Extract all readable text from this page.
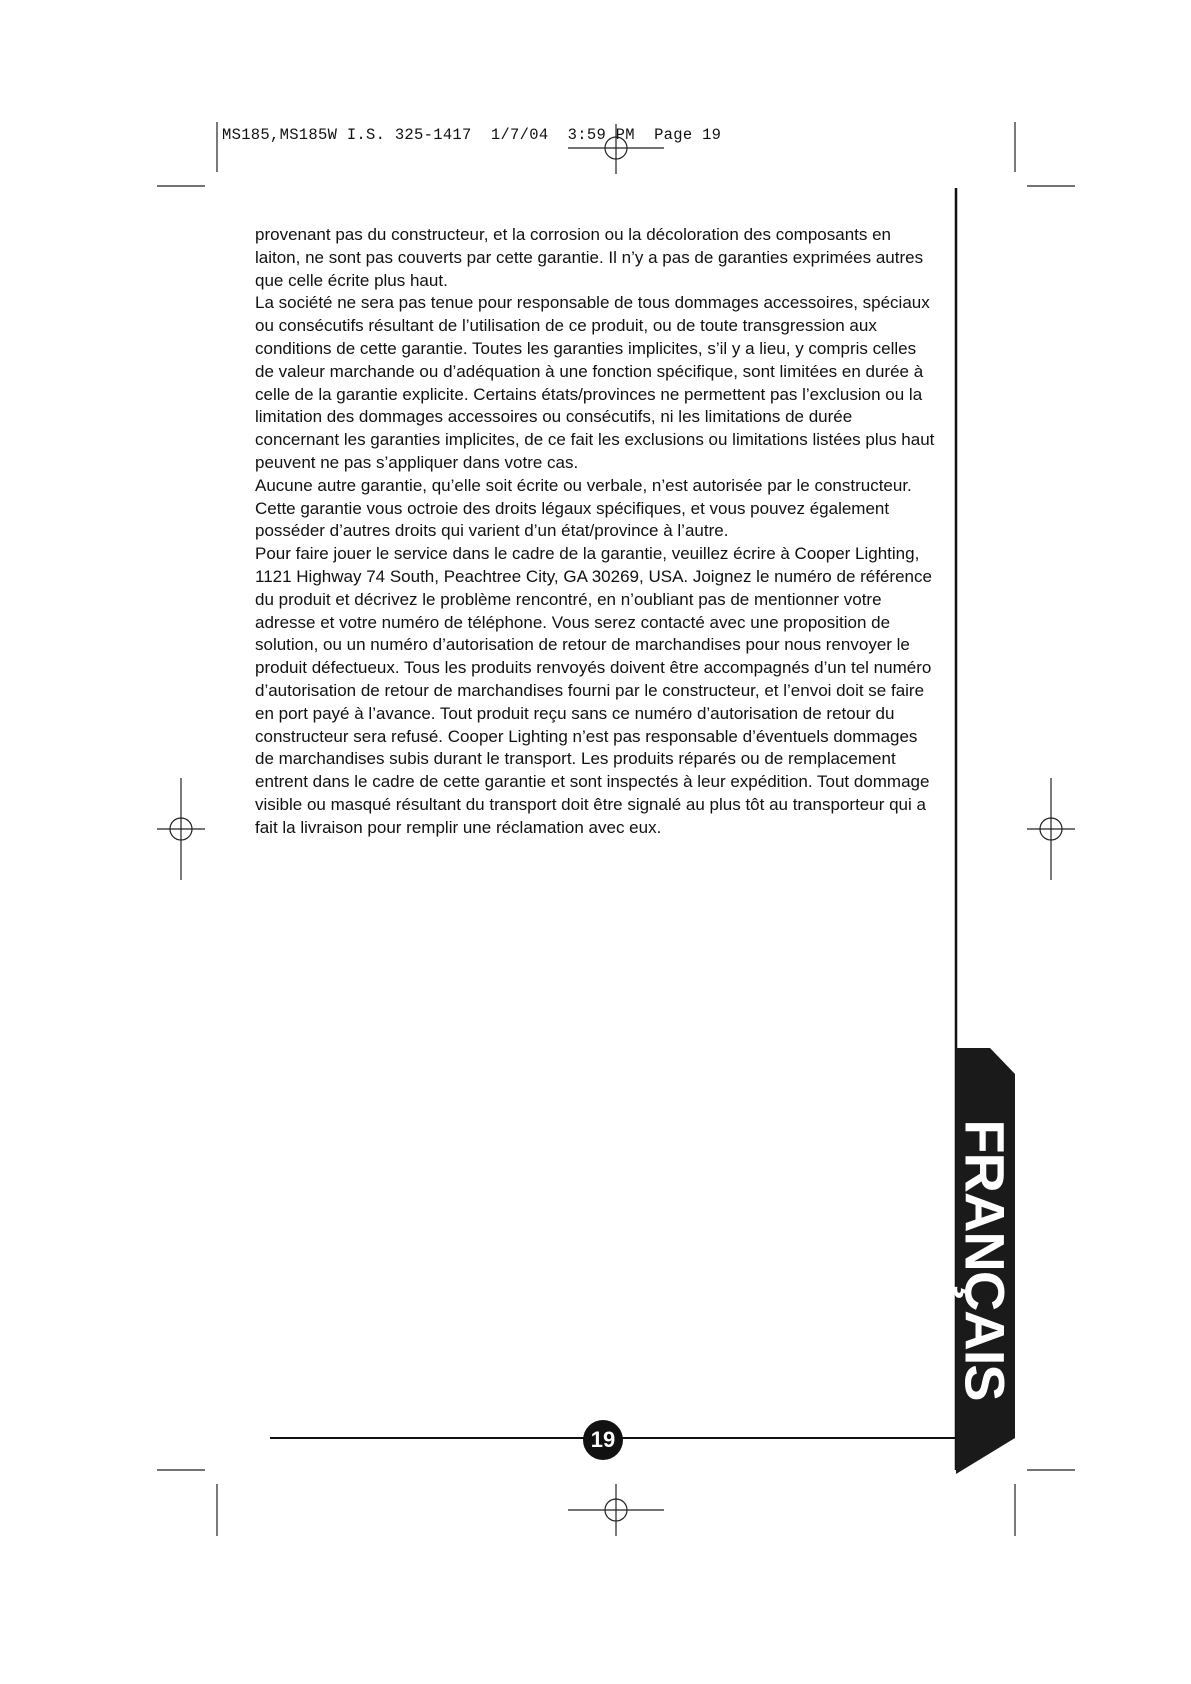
MS185,MS185W I.S. 325-1417  1/7/04  3:59 PM  Page 19

provenant pas du constructeur, et la corrosion ou la décoloration des composants en laiton, ne sont pas couverts par cette garantie. Il n’y a pas de garanties exprimées autres que celle écrite plus haut.

La société ne sera pas tenue pour responsable de tous dommages accessoires, spéciaux ou consécutifs résultant de l’utilisation de ce produit, ou de toute transgression aux conditions de cette garantie. Toutes les garanties implicites, s’il y a lieu, y compris celles de valeur marchande ou d’adéquation à une fonction spécifique, sont limitées en durée à celle de la garantie explicite. Certains états/provinces ne permettent pas l’exclusion ou la limitation des dommages accessoires ou consécutifs, ni les limitations de durée concernant les garanties implicites, de ce fait les exclusions ou limitations listées plus haut peuvent ne pas s’appliquer dans votre cas.

Aucune autre garantie, qu’elle soit écrite ou verbale, n’est autorisée par le constructeur. Cette garantie vous octroie des droits légaux spécifiques, et vous pouvez également posséder d’autres droits qui varient d’un état/province à l’autre.

Pour faire jouer le service dans le cadre de la garantie, veuillez écrire à Cooper Lighting, 1121 Highway 74 South, Peachtree City, GA 30269, USA. Joignez le numéro de référence du produit et décrivez le problème rencontré, en n’oubliant pas de mentionner votre adresse et votre numéro de téléphone. Vous serez contacté avec une proposition de solution, ou un numéro d’autorisation de retour de marchandises pour nous renvoyer le produit défectueux. Tous les produits renvoyés doivent être accompagnés d’un tel numéro d’autorisation de retour de marchandises fourni par le constructeur, et l’envoi doit se faire en port payé à l’avance. Tout produit reçu sans ce numéro d’autorisation de retour du constructeur sera refusé. Cooper Lighting n’est pas responsable d’éventuels dommages de marchandises subis durant le transport. Les produits réparés ou de remplacement entrent dans le cadre de cette garantie et sont inspectés à leur expédition. Tout dommage visible ou masqué résultant du transport doit être signalé au plus tôt au transporteur qui a fait la livraison pour remplir une réclamation avec eux.

FRANÇAIS
19
